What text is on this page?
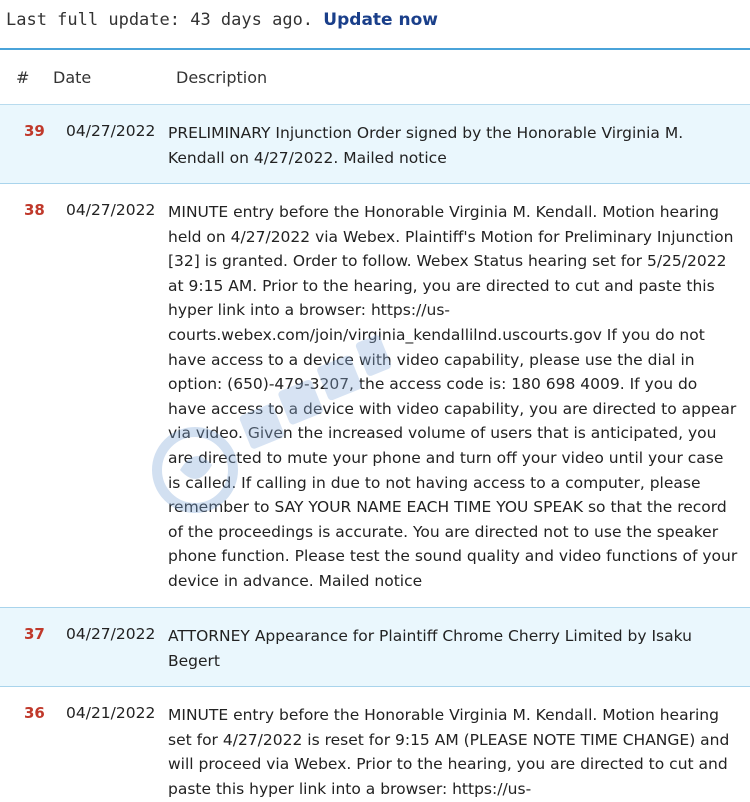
Last full update: 43 days ago. Update now
# Date	Description
39 04/27/2022 PRELIMINARY Injunction Order signed by the Honorable Virginia M. Kendall on 4/27/2022. Mailed notice
38 04/27/2022 MINUTE entry before the Honorable Virginia M. Kendall. Motion hearing held on 4/27/2022 via Webex. Plaintiff's Motion for Preliminary Injunction [32] is granted. Order to follow. Webex Status hearing set for 5/25/2022 at 9:15 AM. Prior to the hearing, you are directed to cut and paste this hyper link into a browser: https://us-courts.webex.com/join/virginia_kendallilnd.uscourts.gov If you do not have access to a device with video capability, please use the dial in option: (650)-479-3207, the access code is: 180 698 4009. If you do have access to a device with video capability, you are directed to appear via video. Given the increased volume of users that is anticipated, you are directed to mute your phone and turn off your video until your case is called. If calling in due to not having access to a computer, please remember to SAY YOUR NAME EACH TIME YOU SPEAK so that the record of the proceedings is accurate. You are directed not to use the speaker phone function. Please test the sound quality and video functions of your device in advance. Mailed notice
37 04/27/2022 ATTORNEY Appearance for Plaintiff Chrome Cherry Limited by Isaku Begert
36 04/21/2022 MINUTE entry before the Honorable Virginia M. Kendall. Motion hearing set for 4/27/2022 is reset for 9:15 AM (PLEASE NOTE TIME CHANGE) and will proceed via Webex. Prior to the hearing, you are directed to cut and paste this hyper link into a browser: https://us-
